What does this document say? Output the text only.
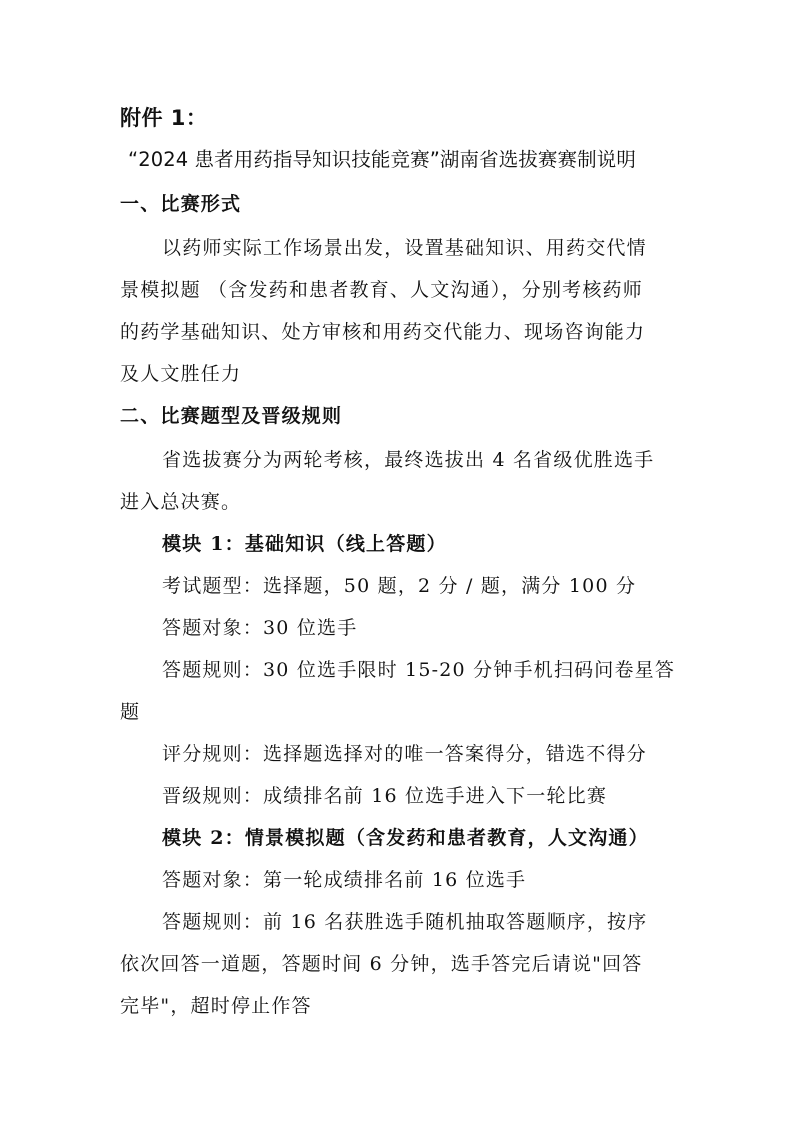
附件 1：
“2024 患者用药指导知识技能竞赛”湖南省选拔赛赛制说明
一、比赛形式
以药师实际工作场景出发，设置基础知识、用药交代情
景模拟题 （含发药和患者教育、人文沟通），分别考核药师
的药学基础知识、处方审核和用药交代能力、现场咨询能力
及人文胜任力
二、比赛题型及晋级规则
省选拔赛分为两轮考核，最终选拔出 4 名省级优胜选手
进入总决赛。
模块 1：基础知识（线上答题）
考试题型：选择题，50 题，2 分 / 题，满分 100 分
答题对象：30 位选手
答题规则：30 位选手限时 15-20 分钟手机扫码问卷星答
题
评分规则：选择题选择对的唯一答案得分，错选不得分
晋级规则：成绩排名前 16 位选手进入下一轮比赛
模块 2：情景模拟题（含发药和患者教育，人文沟通）
答题对象：第一轮成绩排名前 16 位选手
答题规则：前 16 名获胜选手随机抽取答题顺序，按序
依次回答一道题，答题时间 6 分钟，选手答完后请说"回答
完毕"，超时停止作答
